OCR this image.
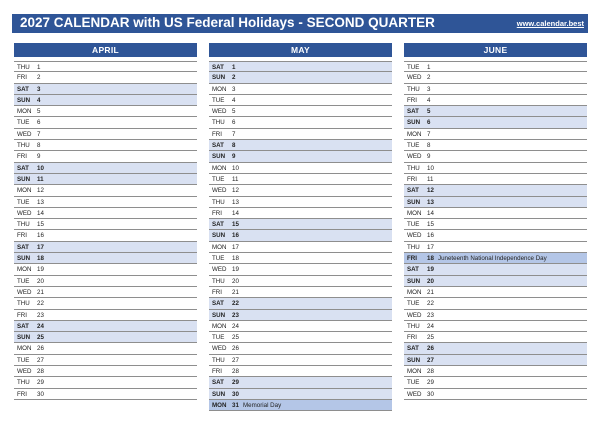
2027 CALENDAR with US Federal Holidays - SECOND QUARTER	www.calendar.best
APRIL
THU	1
FRI	2
SAT	3
SUN	4
MON 5
TUE	6
WED 7
THU	8
FRI	9
SAT	10
SUN	11
MON 12
TUE	13
WED 14
THU	15
FRI	16
SAT	17
SUN	18
MON 19
TUE	20
WED 21
THU	22
FRI	23
SAT	24
SUN	25
MON 26
TUE	27
WED 28
THU	29
FRI	30
MAY
SAT	1
SUN	2
MON 3
TUE	4
WED 5
THU	6
FRI	7
SAT	8
SUN	9
MON 10
TUE	11
WED 12
THU	13
FRI	14
SAT	15
SUN	16
MON 17
TUE	18
WED 19
THU	20
FRI	21
SAT	22
SUN	23
MON 24
TUE	25
WED 26
THU	27
FRI	28
SAT	29
SUN	30
MON 31 Memorial Day
JUNE
TUE	1
WED 2
THU	3
FRI	4
SAT	5
SUN	6
MON 7
TUE	8
WED 9
THU	10
FRI	11
SAT	12
SUN	13
MON 14
TUE	15
WED 16
THU	17
FRI	18 Juneteenth National Independence Day
SAT	19
SUN	20
MON 21
TUE	22
WED 23
THU	24
FRI	25
SAT	26
SUN	27
MON 28
TUE	29
WED 30
